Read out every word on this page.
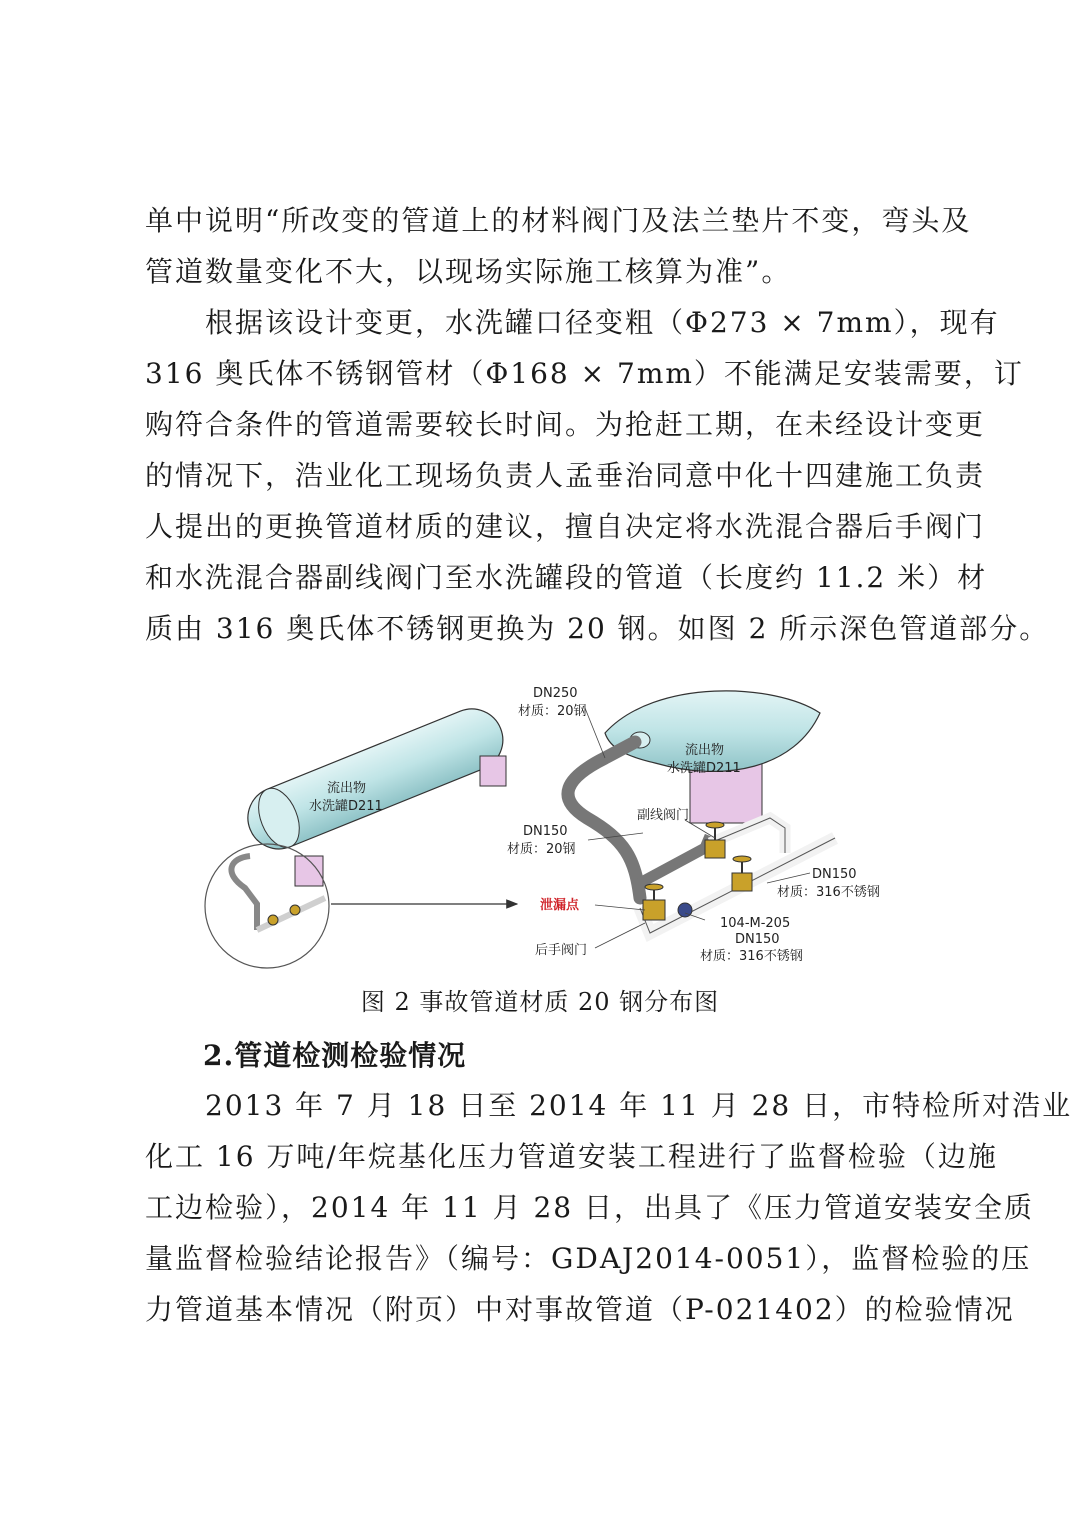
单中说明“所改变的管道上的材料阀门及法兰垫片不变，弯头及
管道数量变化不大，以现场实际施工核算为准”。
　　根据该设计变更，水洗罐口径变粗（Φ273 × 7mm），现有
316 奥氏体不锈钢管材（Φ168 × 7mm）不能满足安装需要，订
购符合条件的管道需要较长时间。为抢赶工期，在未经设计变更
的情况下，浩业化工现场负责人孟垂治同意中化十四建施工负责
人提出的更换管道材质的建议，擅自决定将水洗混合器后手阀门
和水洗混合器副线阀门至水洗罐段的管道（长度约 11.2 米）材
质由 316 奥氏体不锈钢更换为 20 钢。如图 2 所示深色管道部分。
流出物
水洗罐D211
流出物
水洗罐D211
DN250
材质：20钢
DN150
材质：20钢
副线阀门
泄漏点
后手阀门
DN150
材质：316不锈钢
104-M-205
DN150
材质：316不锈钢
图 2 事故管道材质 20 钢分布图
2.管道检测检验情况
　　2013 年 7 月 18 日至 2014 年 11 月 28 日，市特检所对浩业
化工 16 万吨/年烷基化压力管道安装工程进行了监督检验（边施
工边检验），2014 年 11 月 28 日，出具了《压力管道安装安全质
量监督检验结论报告》（编号：GDAJ2014-0051），监督检验的压
力管道基本情况（附页）中对事故管道（P-021402）的检验情况
